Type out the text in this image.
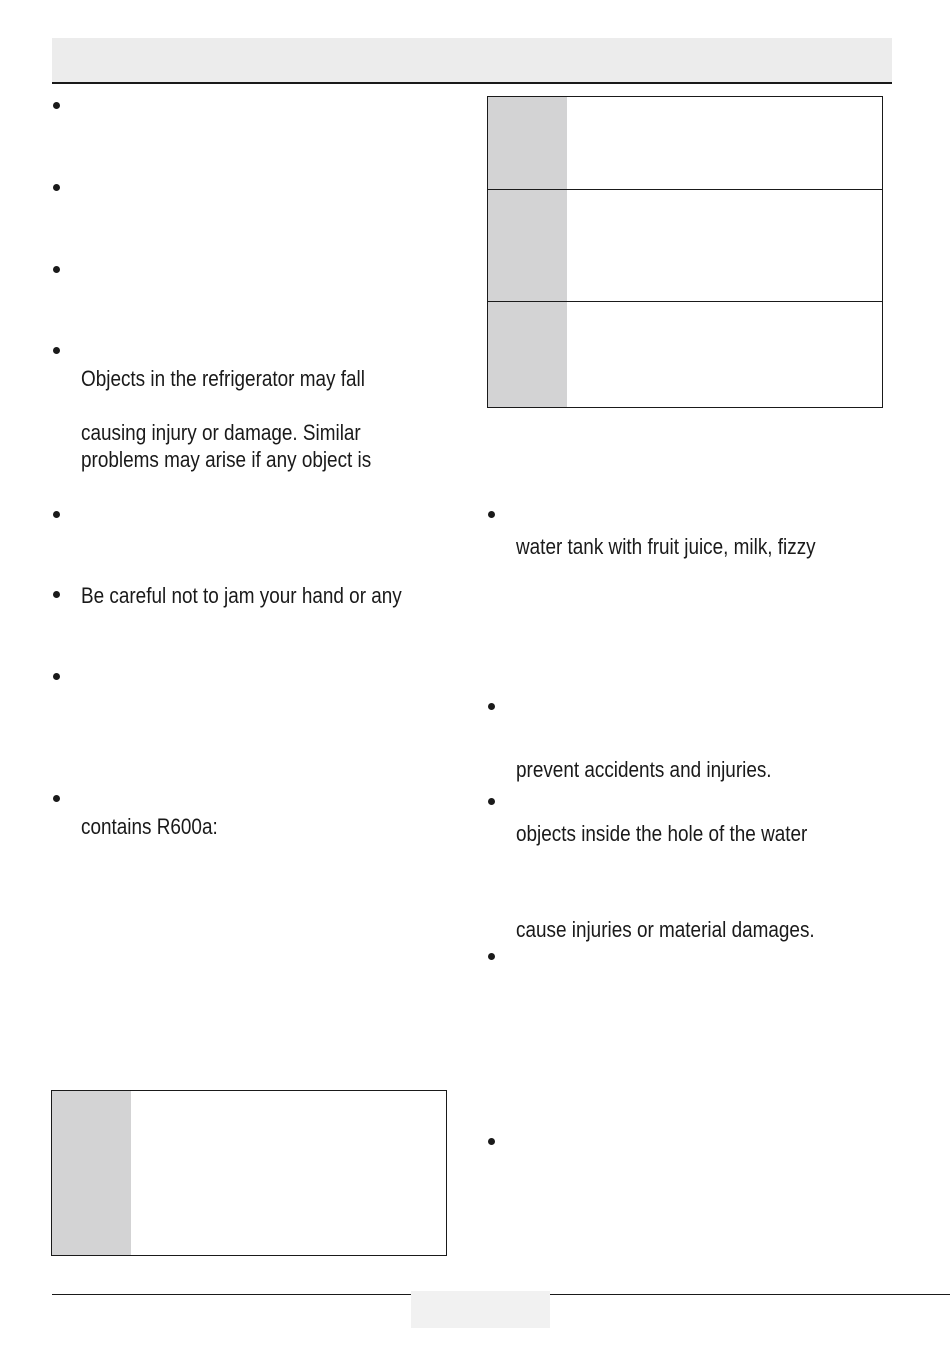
Objects in the refrigerator may fall
causing injury or damage. Similar
problems may arise if any object is
Be careful not to jam your hand or any
contains R600a:
water tank with fruit juice, milk, fizzy
prevent accidents and injuries.
objects inside the hole of the water
cause injuries or material damages.
